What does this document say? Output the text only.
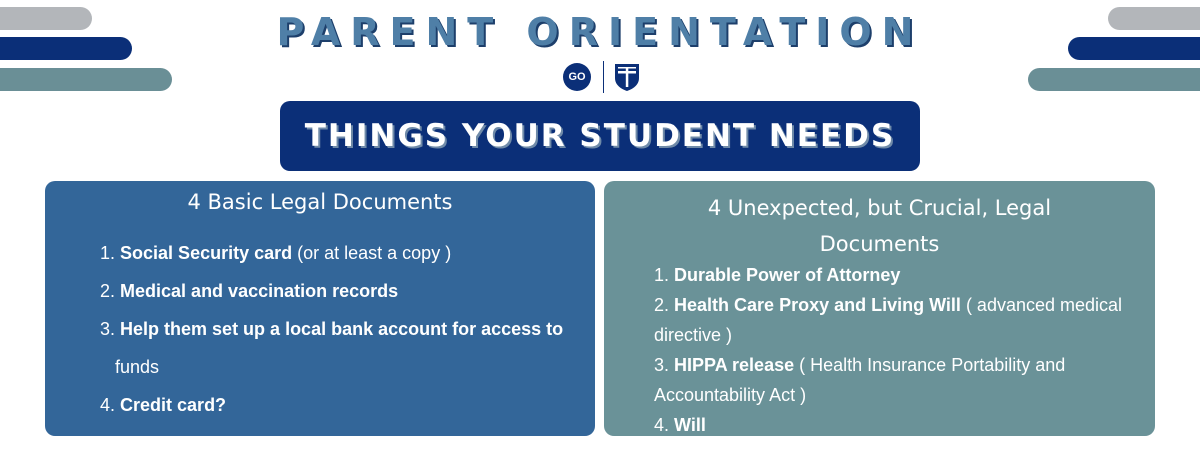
PARENT ORIENTATION
GO
THINGS YOUR STUDENT NEEDS
4 Basic Legal Documents
1. Social Security card (or at least a copy )
2. Medical and vaccination records
3. Help them set up a local bank account for access to
funds
4. Credit card?
4 Unexpected, but Crucial, Legal Documents
1. Durable Power of Attorney
2. Health Care Proxy and Living Will ( advanced medical directive )
3. HIPPA release ( Health Insurance Portability and Accountability Act )
4. Will
